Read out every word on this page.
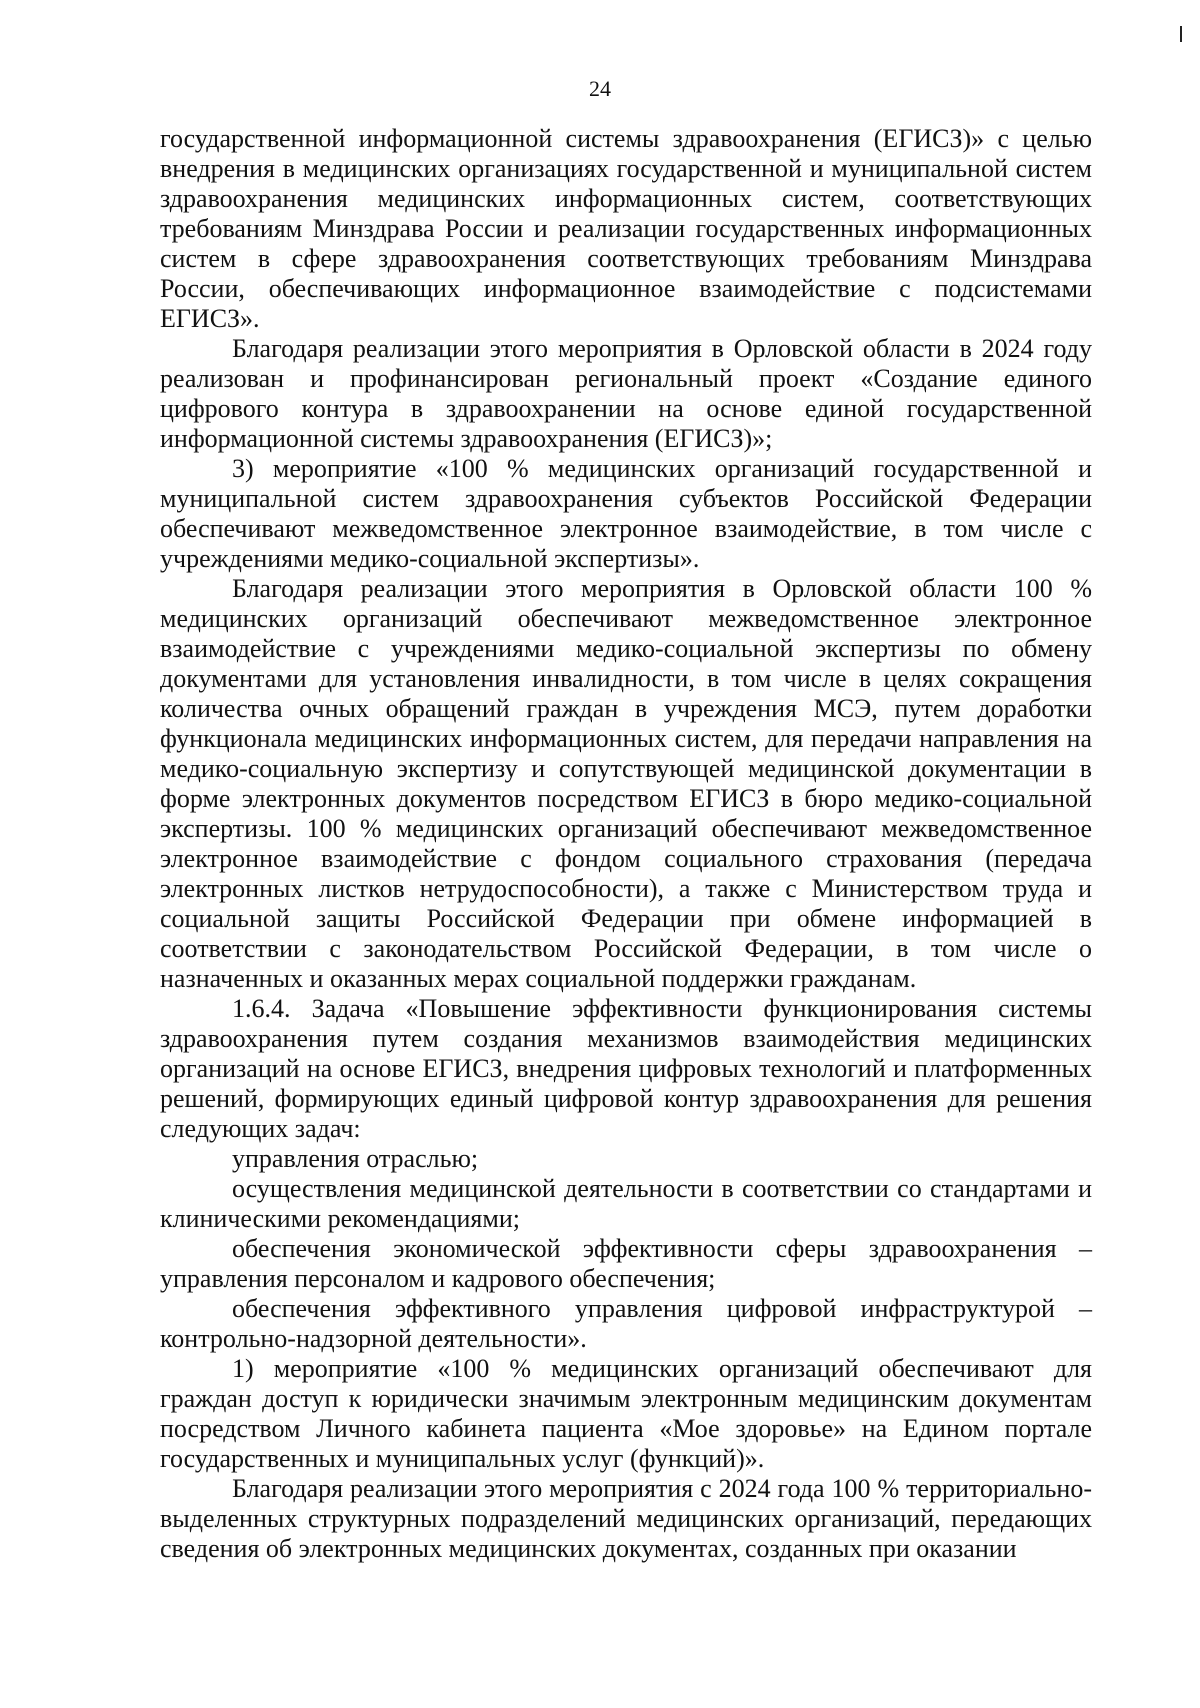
24

государственной информационной системы здравоохранения (ЕГИСЗ)» с целью внедрения в медицинских организациях государственной и муниципальной систем здравоохранения медицинских информационных систем, соответствующих требованиям Минздрава России и реализации государственных информационных систем в сфере здравоохранения соответствующих требованиям Минздрава России, обеспечивающих информационное взаимодействие с подсистемами ЕГИСЗ».

Благодаря реализации этого мероприятия в Орловской области в 2024 году реализован и профинансирован региональный проект «Создание единого цифрового контура в здравоохранении на основе единой государственной информационной системы здравоохранения (ЕГИСЗ)»;

3) мероприятие «100 % медицинских организаций государственной и муниципальной систем здравоохранения субъектов Российской Федерации обеспечивают межведомственное электронное взаимодействие, в том числе с учреждениями медико-социальной экспертизы».

Благодаря реализации этого мероприятия в Орловской области 100 % медицинских организаций обеспечивают межведомственное электронное взаимодействие с учреждениями медико-социальной экспертизы по обмену документами для установления инвалидности, в том числе в целях сокращения количества очных обращений граждан в учреждения МСЭ, путем доработки функционала медицинских информационных систем, для передачи направления на медико-социальную экспертизу и сопутствующей медицинской документации в форме электронных документов посредством ЕГИСЗ в бюро медико-социальной экспертизы. 100 % медицинских организаций обеспечивают межведомственное электронное взаимодействие с фондом социального страхования (передача электронных листков нетрудоспособности), а также с Министерством труда и социальной защиты Российской Федерации при обмене информацией в соответствии с законодательством Российской Федерации, в том числе о назначенных и оказанных мерах социальной поддержки гражданам.

1.6.4. Задача «Повышение эффективности функционирования системы здравоохранения путем создания механизмов взаимодействия медицинских организаций на основе ЕГИСЗ, внедрения цифровых технологий и платформенных решений, формирующих единый цифровой контур здравоохранения для решения следующих задач:

управления отраслью;

осуществления медицинской деятельности в соответствии со стандартами и клиническими рекомендациями;

обеспечения экономической эффективности сферы здравоохранения – управления персоналом и кадрового обеспечения;

обеспечения эффективного управления цифровой инфраструктурой – контрольно-надзорной деятельности».

1) мероприятие «100 % медицинских организаций обеспечивают для граждан доступ к юридически значимым электронным медицинским документам посредством Личного кабинета пациента «Мое здоровье» на Едином портале государственных и муниципальных услуг (функций)».

Благодаря реализации этого мероприятия с 2024 года 100 % территориально-выделенных структурных подразделений медицинских организаций, передающих сведения об электронных медицинских документах, созданных при оказании
